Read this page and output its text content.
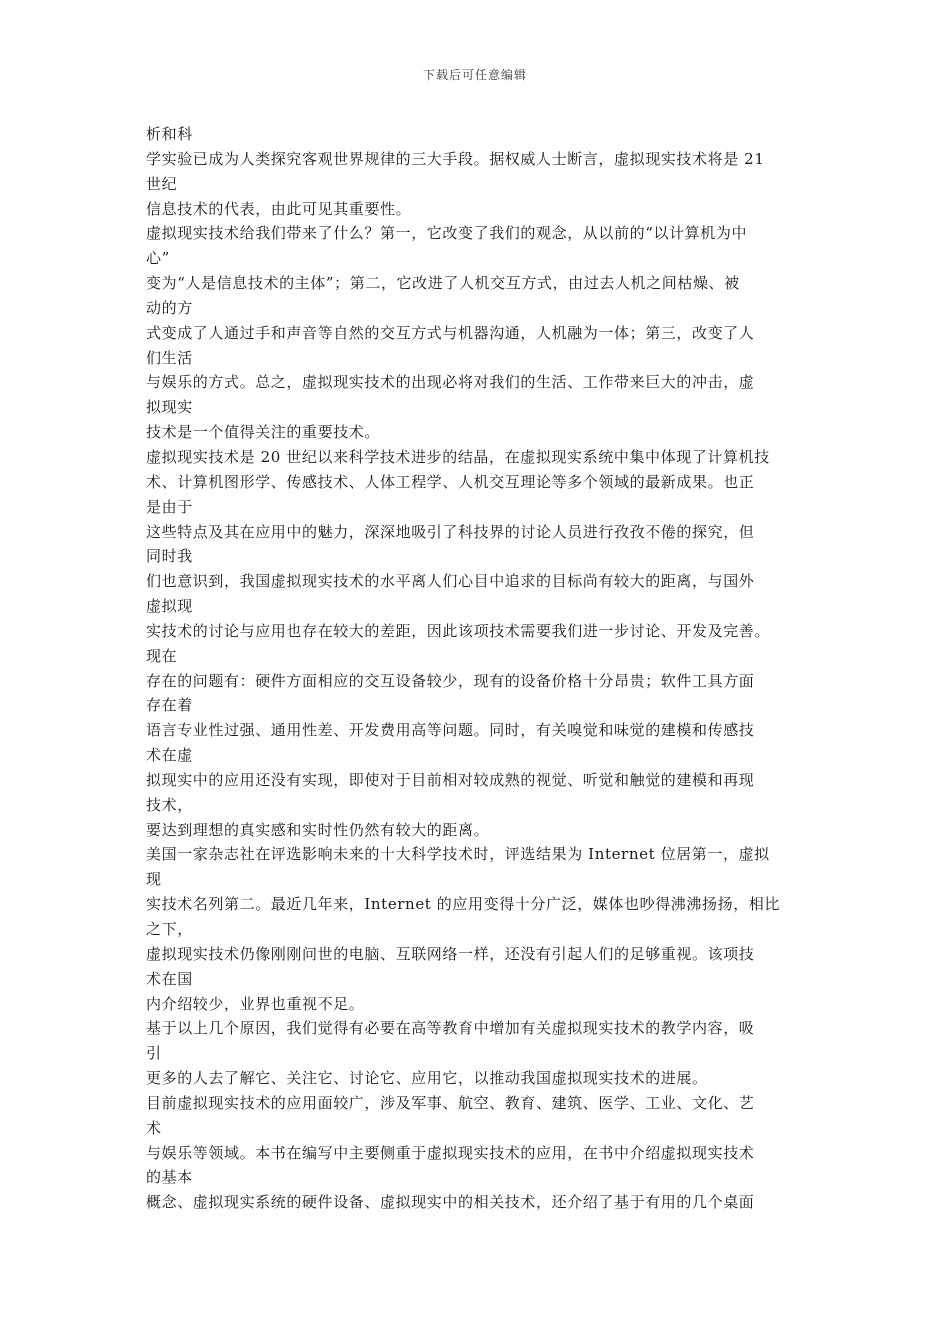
下载后可任意编辑
析和科
学实验已成为人类探究客观世界规律的三大手段。据权威人士断言，虚拟现实技术将是 21
世纪
信息技术的代表，由此可见其重要性。
虚拟现实技术给我们带来了什么？第一，它改变了我们的观念，从以前的“以计算机为中
心”
变为“人是信息技术的主体”；第二，它改进了人机交互方式，由过去人机之间枯燥、被
动的方
式变成了人通过手和声音等自然的交互方式与机器沟通，人机融为一体；第三，改变了人
们生活
与娱乐的方式。总之，虚拟现实技术的出现必将对我们的生活、工作带来巨大的冲击，虚
拟现实
技术是一个值得关注的重要技术。
虚拟现实技术是 20 世纪以来科学技术进步的结晶，在虚拟现实系统中集中体现了计算机技
术、计算机图形学、传感技术、人体工程学、人机交互理论等多个领域的最新成果。也正
是由于
这些特点及其在应用中的魅力，深深地吸引了科技界的讨论人员进行孜孜不倦的探究，但
同时我
们也意识到，我国虚拟现实技术的水平离人们心目中追求的目标尚有较大的距离，与国外
虚拟现
实技术的讨论与应用也存在较大的差距，因此该项技术需要我们进一步讨论、开发及完善。
现在
存在的问题有：硬件方面相应的交互设备较少，现有的设备价格十分昂贵；软件工具方面
存在着
语言专业性过强、通用性差、开发费用高等问题。同时，有关嗅觉和味觉的建模和传感技
术在虚
拟现实中的应用还没有实现，即使对于目前相对较成熟的视觉、听觉和触觉的建模和再现
技术，
要达到理想的真实感和实时性仍然有较大的距离。
美国一家杂志社在评选影响未来的十大科学技术时，评选结果为 Internet 位居第一，虚拟
现
实技术名列第二。最近几年来，Internet 的应用变得十分广泛，媒体也吵得沸沸扬扬，相比
之下，
虚拟现实技术仍像刚刚问世的电脑、互联网络一样，还没有引起人们的足够重视。该项技
术在国
内介绍较少，业界也重视不足。
基于以上几个原因，我们觉得有必要在高等教育中增加有关虚拟现实技术的教学内容，吸
引
更多的人去了解它、关注它、讨论它、应用它，以推动我国虚拟现实技术的进展。
目前虚拟现实技术的应用面较广，涉及军事、航空、教育、建筑、医学、工业、文化、艺
术
与娱乐等领域。本书在编写中主要侧重于虚拟现实技术的应用，在书中介绍虚拟现实技术
的基本
概念、虚拟现实系统的硬件设备、虚拟现实中的相关技术，还介绍了基于有用的几个桌面
